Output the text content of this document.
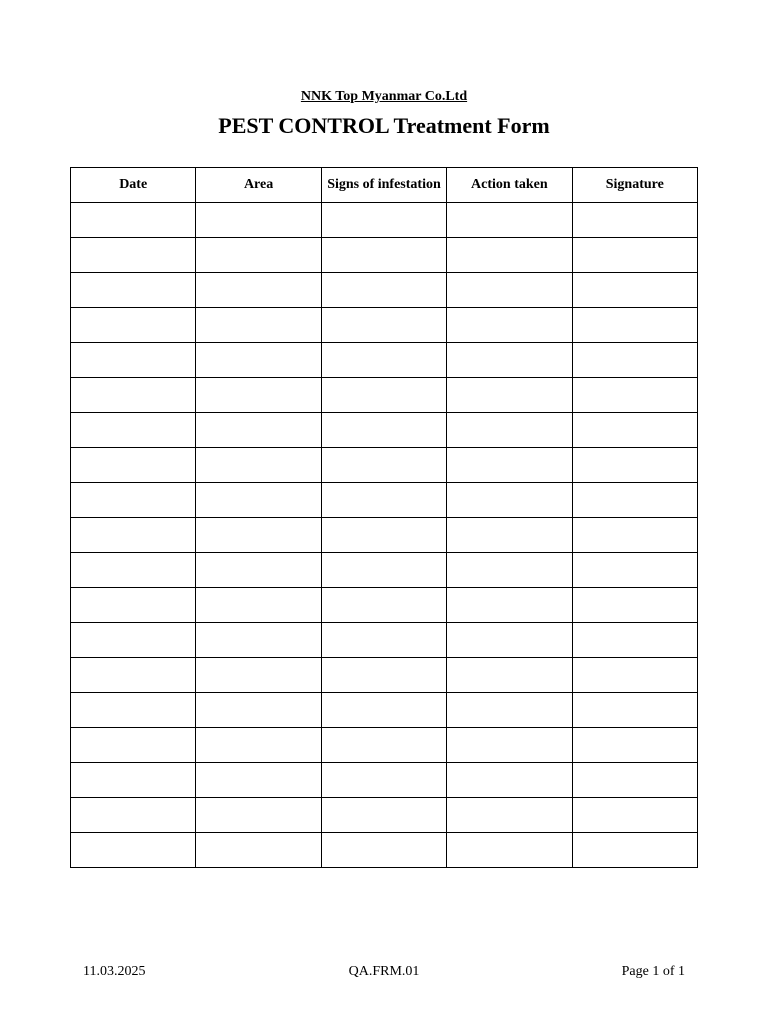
NNK Top Myanmar Co.Ltd
PEST CONTROL Treatment Form
Date	Area	Signs of infestation	Action taken	Signature

11.03.2025	QA.FRM.01	Page 1 of 1
